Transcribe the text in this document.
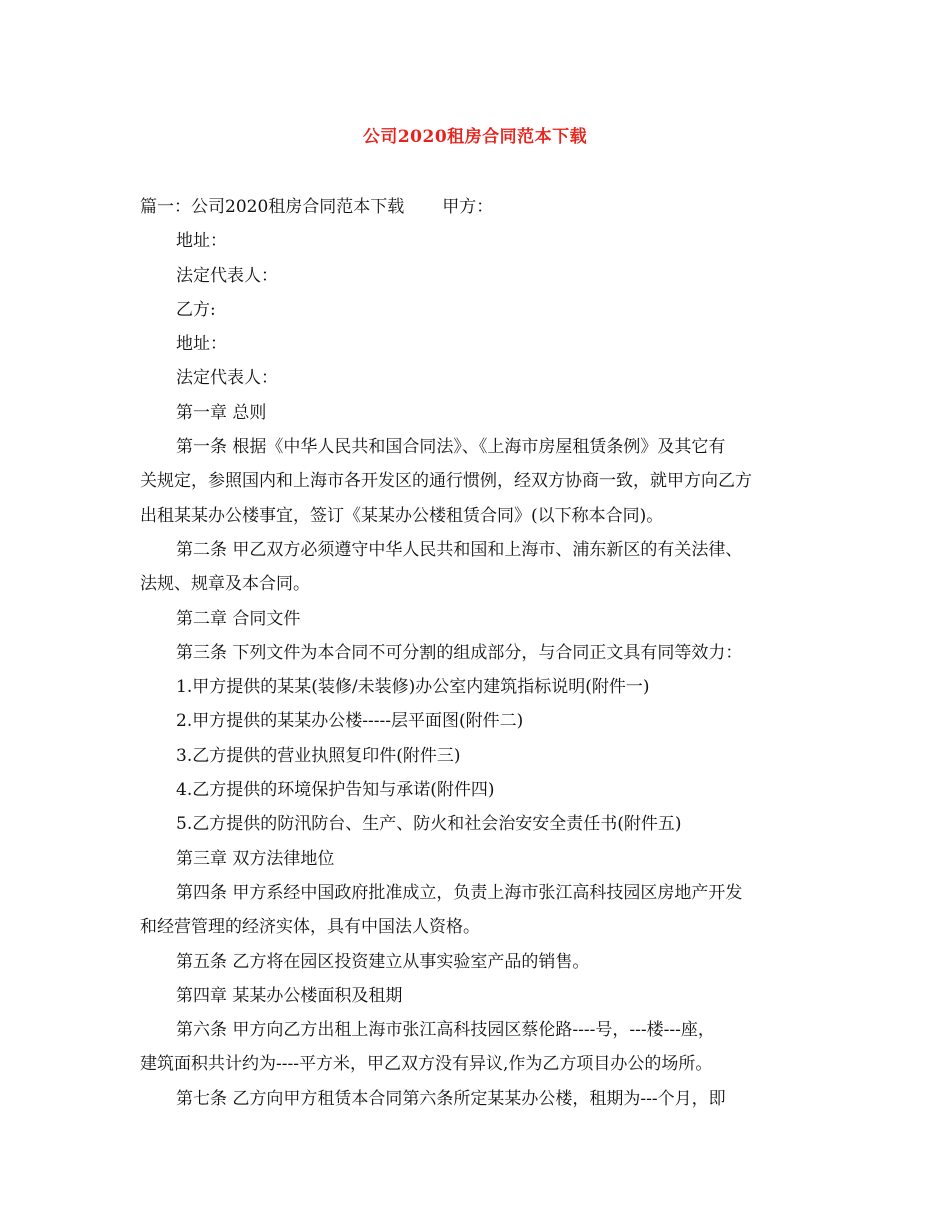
公司2020租房合同范本下载
篇一：公司2020租房合同范本下载 甲方：
地址：
法定代表人：
乙方:
地址：
法定代表人：
第一章 总则
第一条 根据《中华人民共和国合同法》、《上海市房屋租赁条例》及其它有
关规定，参照国内和上海市各开发区的通行惯例，经双方协商一致，就甲方向乙方
出租某某办公楼事宜，签订《某某办公楼租赁合同》(以下称本合同)。
第二条 甲乙双方必须遵守中华人民共和国和上海市、浦东新区的有关法律、
法规、规章及本合同。
第二章 合同文件
第三条 下列文件为本合同不可分割的组成部分，与合同正文具有同等效力：
1.甲方提供的某某(装修/未装修)办公室内建筑指标说明(附件一)
2.甲方提供的某某办公楼-----层平面图(附件二)
3.乙方提供的营业执照复印件(附件三)
4.乙方提供的环境保护告知与承诺(附件四)
5.乙方提供的防汛防台、生产、防火和社会治安安全责任书(附件五)
第三章 双方法律地位
第四条 甲方系经中国政府批准成立，负责上海市张江高科技园区房地产开发
和经营管理的经济实体，具有中国法人资格。
第五条 乙方将在园区投资建立从事实验室产品的销售。
第四章 某某办公楼面积及租期
第六条 甲方向乙方出租上海市张江高科技园区蔡伦路----号，---楼---座，
建筑面积共计约为----平方米，甲乙双方没有异议,作为乙方项目办公的场所。
第七条 乙方向甲方租赁本合同第六条所定某某办公楼，租期为---个月，即
